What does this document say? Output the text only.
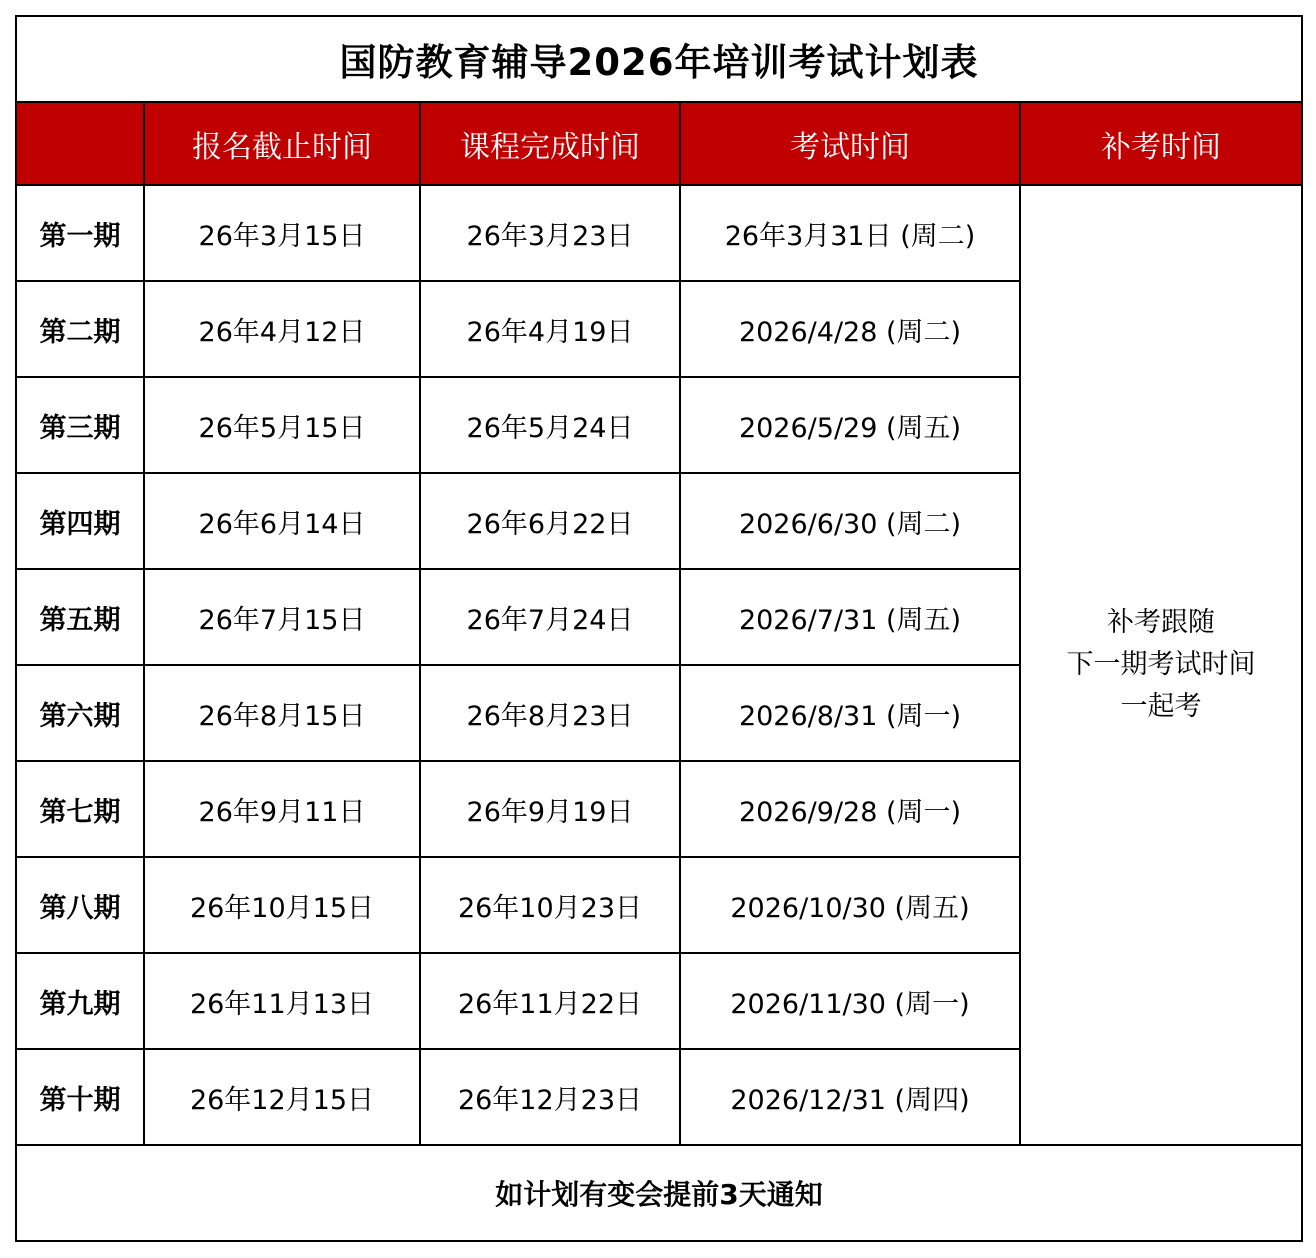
国防教育辅导2026年培训考试计划表				
	报名截止时间	课程完成时间	考试时间	补考时间
第一期	26年3月15日	26年3月23日	26年3月31日 (周二)	补考跟随
下一期考试时间
一起考

第二期	26年4月12日	26年4月19日	2026/4/28 (周二)	
第三期	26年5月15日	26年5月24日	2026/5/29 (周五)	
第四期	26年6月14日	26年6月22日	2026/6/30 (周二)	
第五期	26年7月15日	26年7月24日	2026/7/31 (周五)	
第六期	26年8月15日	26年8月23日	2026/8/31 (周一)	
第七期	26年9月11日	26年9月19日	2026/9/28 (周一)	
第八期	26年10月15日	26年10月23日	2026/10/30 (周五)	
第九期	26年11月13日	26年11月22日	2026/11/30 (周一)	
第十期	26年12月15日	26年12月23日	2026/12/31 (周四)	
如计划有变会提前3天通知				
